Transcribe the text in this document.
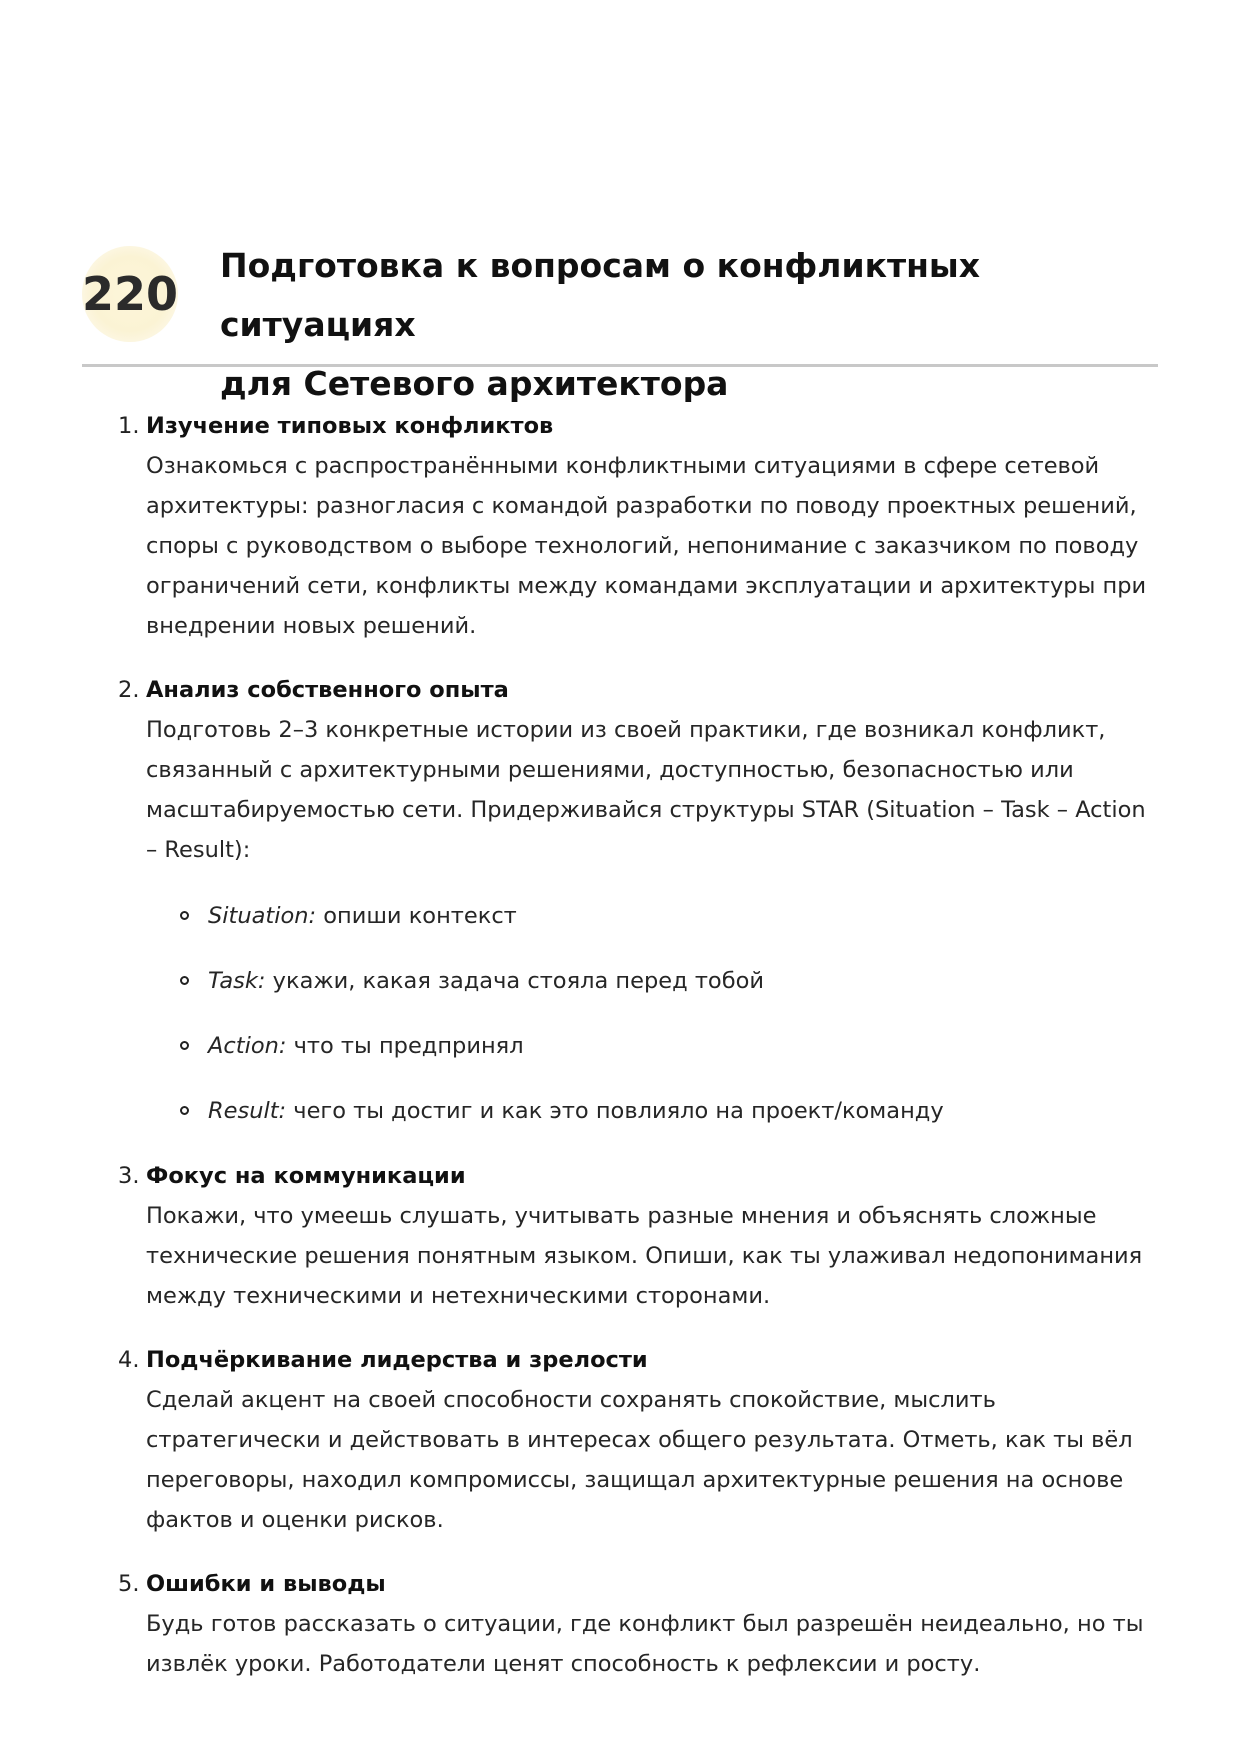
220
Подготовка к вопросам о конфликтных ситуациях
для Сетевого архитектора
1. Изучение типовых конфликтов
Ознакомься с распространёнными конфликтными ситуациями в сфере сетевой архитектуры: разногласия с командой разработки по поводу проектных решений, споры с руководством о выборе технологий, непонимание с заказчиком по поводу ограничений сети, конфликты между командами эксплуатации и архитектуры при внедрении новых решений.
2. Анализ собственного опыта
Подготовь 2–3 конкретные истории из своей практики, где возникал конфликт, связанный с архитектурными решениями, доступностью, безопасностью или масштабируемостью сети. Придерживайся структуры STAR (Situation – Task – Action – Result):
Situation: опиши контекст
Task: укажи, какая задача стояла перед тобой
Action: что ты предпринял
Result: чего ты достиг и как это повлияло на проект/команду
3. Фокус на коммуникации
Покажи, что умеешь слушать, учитывать разные мнения и объяснять сложные технические решения понятным языком. Опиши, как ты улаживал недопонимания между техническими и нетехническими сторонами.
4. Подчёркивание лидерства и зрелости
Сделай акцент на своей способности сохранять спокойствие, мыслить стратегически и действовать в интересах общего результата. Отметь, как ты вёл переговоры, находил компромиссы, защищал архитектурные решения на основе фактов и оценки рисков.
5. Ошибки и выводы
Будь готов рассказать о ситуации, где конфликт был разрешён неидеально, но ты извлёк уроки. Работодатели ценят способность к рефлексии и росту.
